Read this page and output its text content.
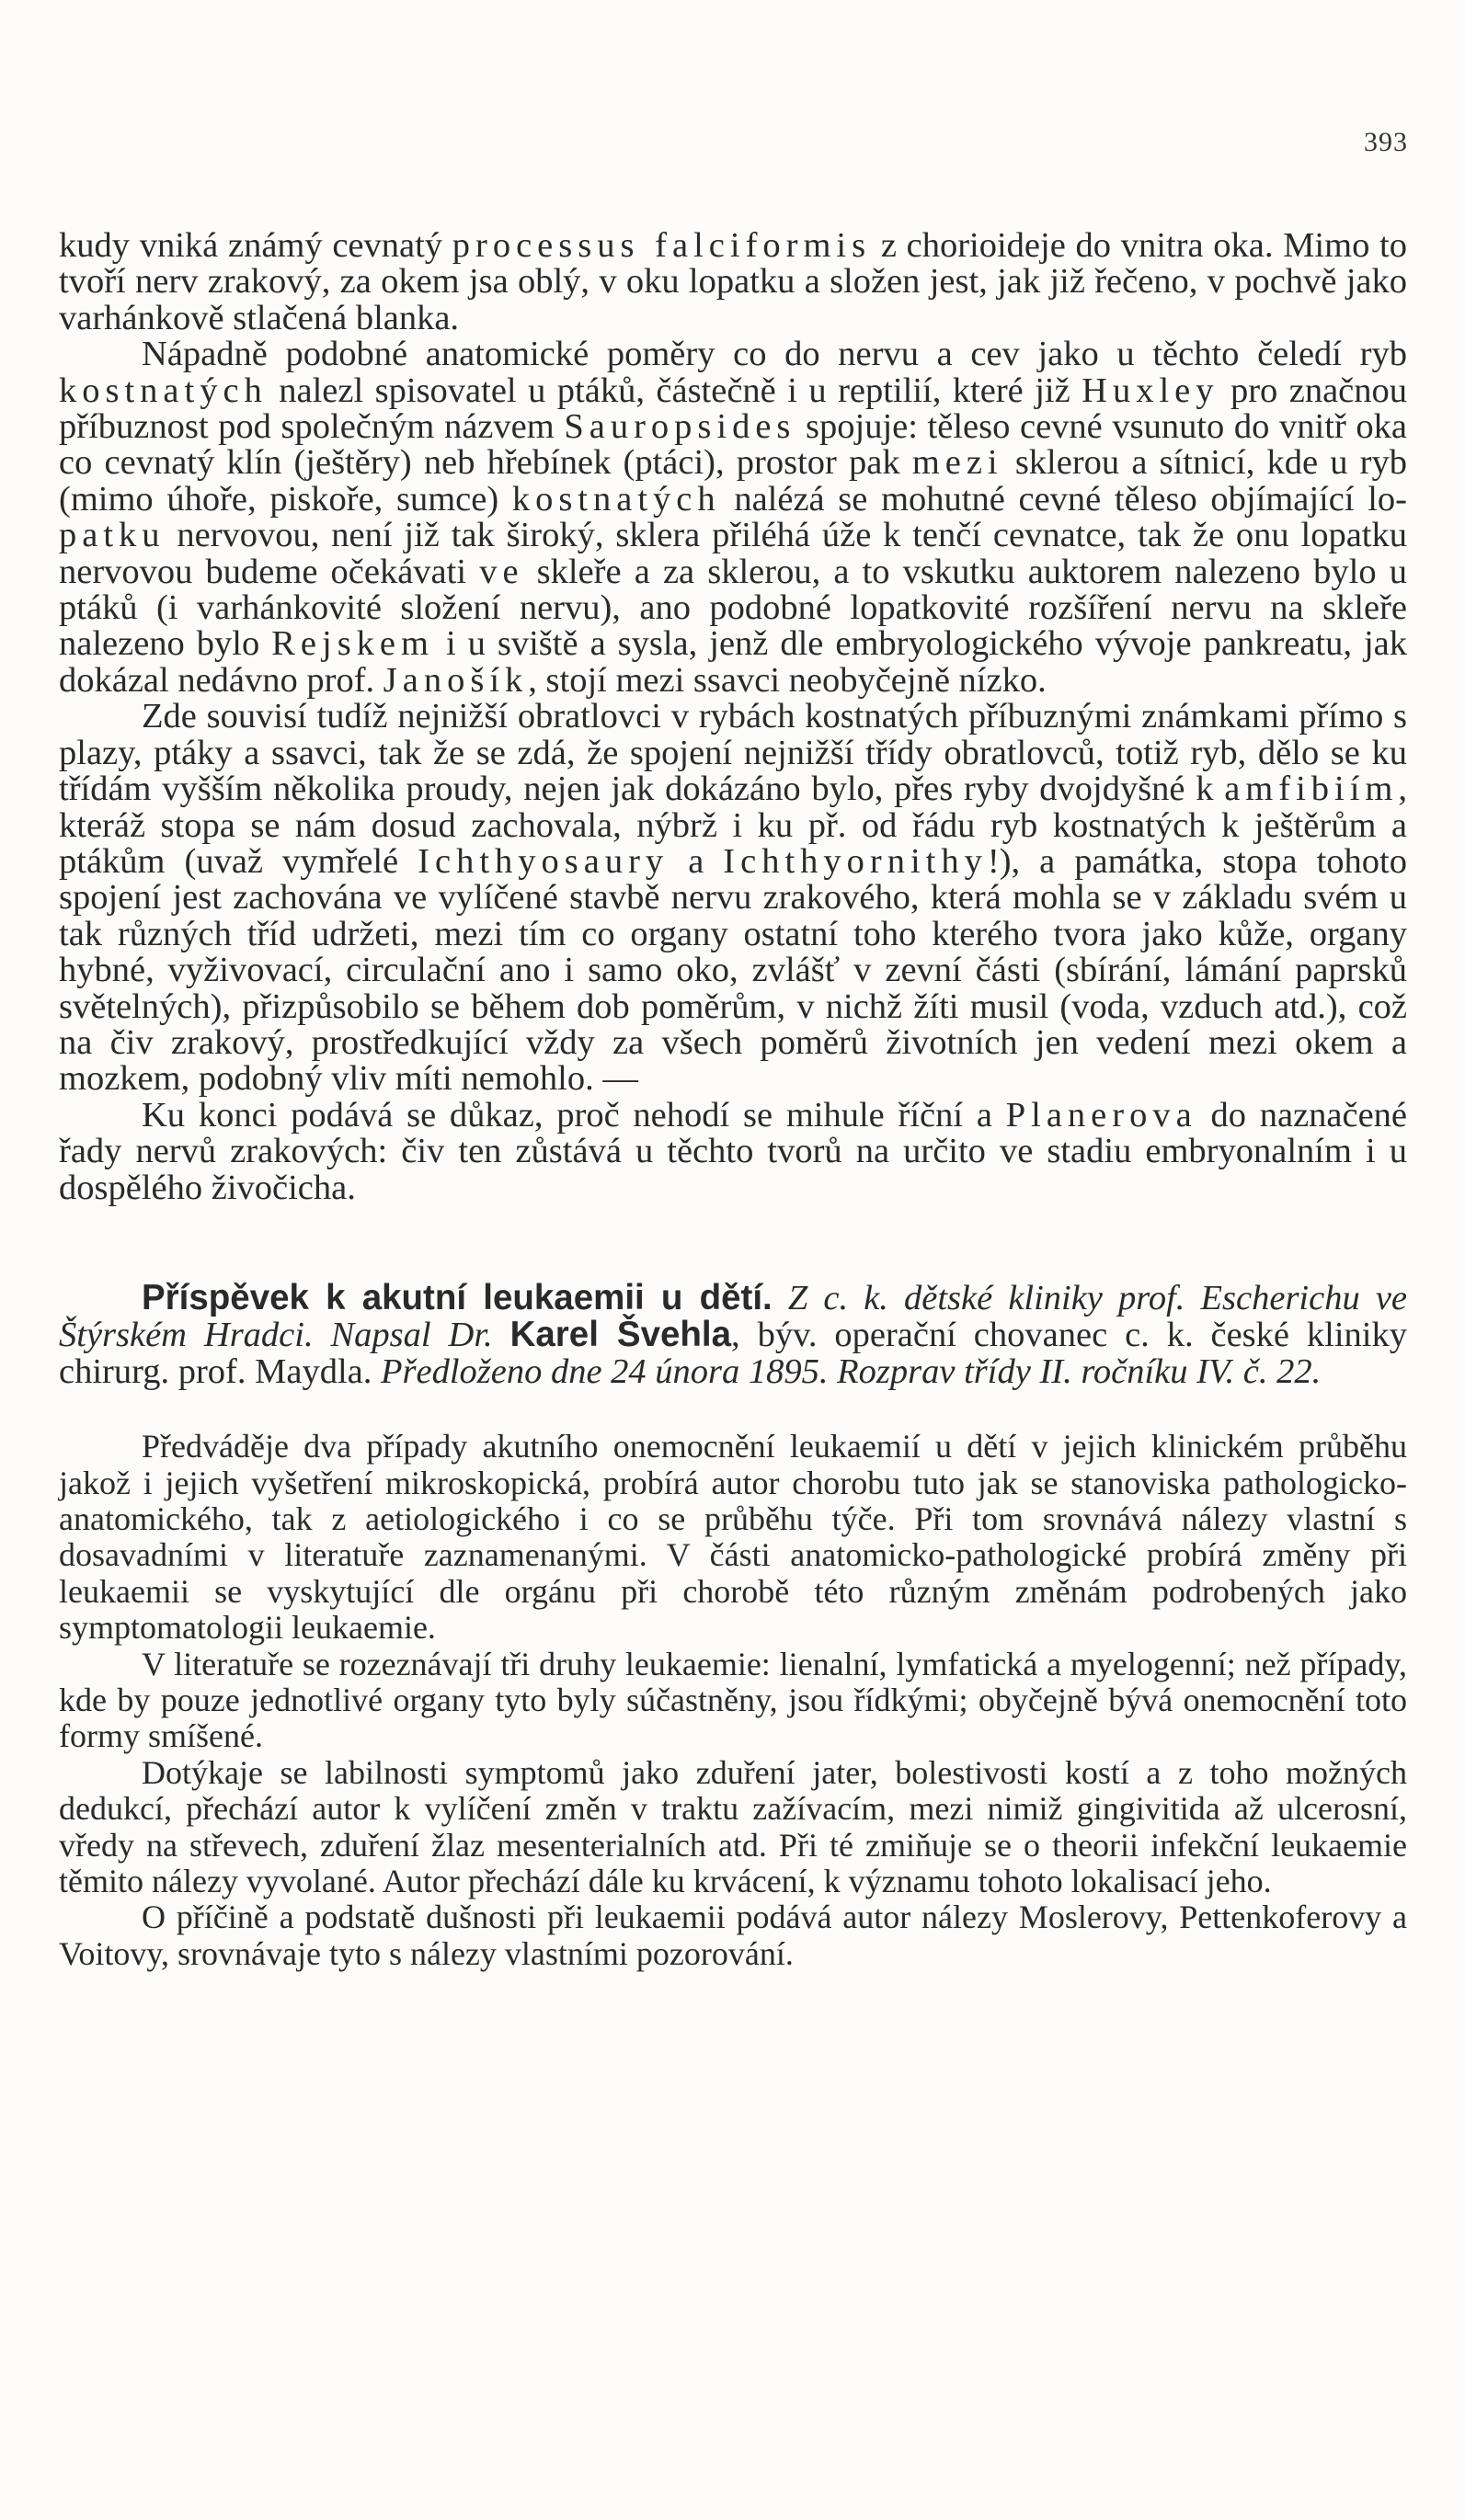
393

kudy vniká známý cevnatý processus falciformis z chorioideje do vnitra oka. Mimo to tvoří nerv zrakový, za okem jsa oblý, v oku lopatku a složen jest, jak již řečeno, v pochvě jako varhánkově stlačená blanka.

Nápadně podobné anatomické poměry co do nervu a cev jako u těchto čeledí ryb kostnatých nalezl spisovatel u ptáků, částečně i u reptilií, které již Huxley pro značnou příbuznost pod společným názvem Sauropsides spojuje: těleso cevné vsunuto do vnitř oka co cevnatý klín (ještěry) neb hřebínek (ptáci), prostor pak mezi sklerou a sítnicí, kde u ryb (mimo úhoře, piskoře, sumce) kostnatých nalézá se mohutné cevné těleso objímající lopatku nervovou, není již tak široký, sklera přiléhá úže k tenčí cevnatce, tak že onu lopatku nervovou budeme očekávati ve skleře a za sklerou, a to vskutku auktorem nalezeno bylo u ptáků (i varhánkovité složení nervu), ano podobné lopatkovité rozšíření nervu na skleře nalezeno bylo Rejskem i u sviště a sysla, jenž dle embryologického vývoje pankreatu, jak dokázal nedávno prof. Janošík, stojí mezi ssavci neobyčejně nízko.

Zde souvisí tudíž nejnižší obratlovci v rybách kostnatých příbuznými známkami přímo s plazy, ptáky a ssavci, tak že se zdá, že spojení nejnižší třídy obratlovců, totiž ryb, dělo se ku třídám vyšším několika proudy, nejen jak dokázáno bylo, přes ryby dvojdyšné k amfibiím, kteráž stopa se nám dosud zachovala, nýbrž i ku př. od řádu ryb kostnatých k ještěrům a ptákům (uvaž vymřelé Ichthyosaury a Ichthyornithy!), a památka, stopa tohoto spojení jest zachována ve vylíčené stavbě nervu zrakového, která mohla se v základu svém u tak různých tříd udržeti, mezi tím co organy ostatní toho kterého tvora jako kůže, organy hybné, vyživovací, circulační ano i samo oko, zvlášť v zevní části (sbírání, lámání paprsků světelných), přizpůsobilo se během dob poměrům, v nichž žíti musil (voda, vzduch atd.), což na čiv zrakový, prostředkující vždy za všech poměrů životních jen vedení mezi okem a mozkem, podobný vliv míti nemohlo. —

Ku konci podává se důkaz, proč nehodí se mihule říční a Planerova do naznačené řady nervů zrakových: čiv ten zůstává u těchto tvorů na určito ve stadiu embryonalním i u dospělého živočicha.

Příspěvek k akutní leukaemii u dětí. Z c. k. dětské kliniky prof. Escherichu ve Štýrském Hradci. Napsal Dr. Karel Švehla, býv. operační chovanec c. k. české kliniky chirurg. prof. Maydla. Předloženo dne 24 února 1895. Rozprav třídy II. ročníku IV. č. 22.

Předváděje dva případy akutního onemocnění leukaemií u dětí v jejich klinickém průběhu jakož i jejich vyšetření mikroskopická, probírá autor chorobu tuto jak se stanoviska pathologicko-anatomického, tak z aetiologického i co se průběhu týče. Při tom srovnává nálezy vlastní s dosavadními v literatuře zaznamenanými. V části anatomicko-pathologické probírá změny při leukaemii se vyskytující dle orgánu při chorobě této různým změnám podrobených jako symptomatologii leukaemie.

V literatuře se rozeznávají tři druhy leukaemie: lienalní, lymfatická a myelogenní; než případy, kde by pouze jednotlivé organy tyto byly súčastněny, jsou řídkými; obyčejně bývá onemocnění toto formy smíšené.

Dotýkaje se labilnosti symptomů jako zduření jater, bolestivosti kostí a z toho možných dedukcí, přechází autor k vylíčení změn v traktu zažívacím, mezi nimiž gingivitida až ulcerosní, vředy na střevech, zduření žlaz mesenterialních atd. Při té zmiňuje se o theorii infekční leukaemie těmito nálezy vyvolané. Autor přechází dále ku krvácení, k významu tohoto lokalisací jeho.

O příčině a podstatě dušnosti při leukaemii podává autor nálezy Moslerovy, Pettenkoferovy a Voitovy, srovnávaje tyto s nálezy vlastními pozorování.
